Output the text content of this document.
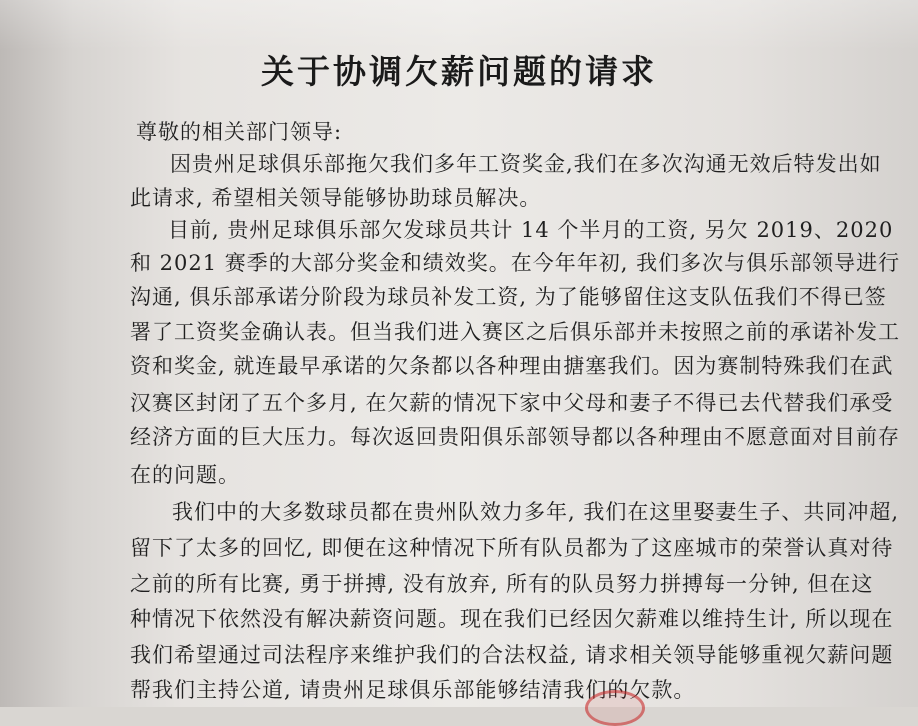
关于协调欠薪问题的请求
尊敬的相关部门领导:
因贵州足球俱乐部拖欠我们多年工资奖金,我们在多次沟通无效后特发出如
此请求, 希望相关领导能够协助球员解决。
目前, 贵州足球俱乐部欠发球员共计 14 个半月的工资, 另欠 2019、2020
和 2021 赛季的大部分奖金和绩效奖。在今年年初, 我们多次与俱乐部领导进行
沟通, 俱乐部承诺分阶段为球员补发工资, 为了能够留住这支队伍我们不得已签
署了工资奖金确认表。但当我们进入赛区之后俱乐部并未按照之前的承诺补发工
资和奖金, 就连最早承诺的欠条都以各种理由搪塞我们。因为赛制特殊我们在武
汉赛区封闭了五个多月, 在欠薪的情况下家中父母和妻子不得已去代替我们承受
经济方面的巨大压力。每次返回贵阳俱乐部领导都以各种理由不愿意面对目前存
在的问题。
我们中的大多数球员都在贵州队效力多年, 我们在这里娶妻生子、共同冲超,
留下了太多的回忆, 即便在这种情况下所有队员都为了这座城市的荣誉认真对待
之前的所有比赛, 勇于拼搏, 没有放弃, 所有的队员努力拼搏每一分钟, 但在这
种情况下依然没有解决薪资问题。现在我们已经因欠薪难以维持生计, 所以现在
我们希望通过司法程序来维护我们的合法权益, 请求相关领导能够重视欠薪问题
帮我们主持公道, 请贵州足球俱乐部能够结清我们的欠款。
